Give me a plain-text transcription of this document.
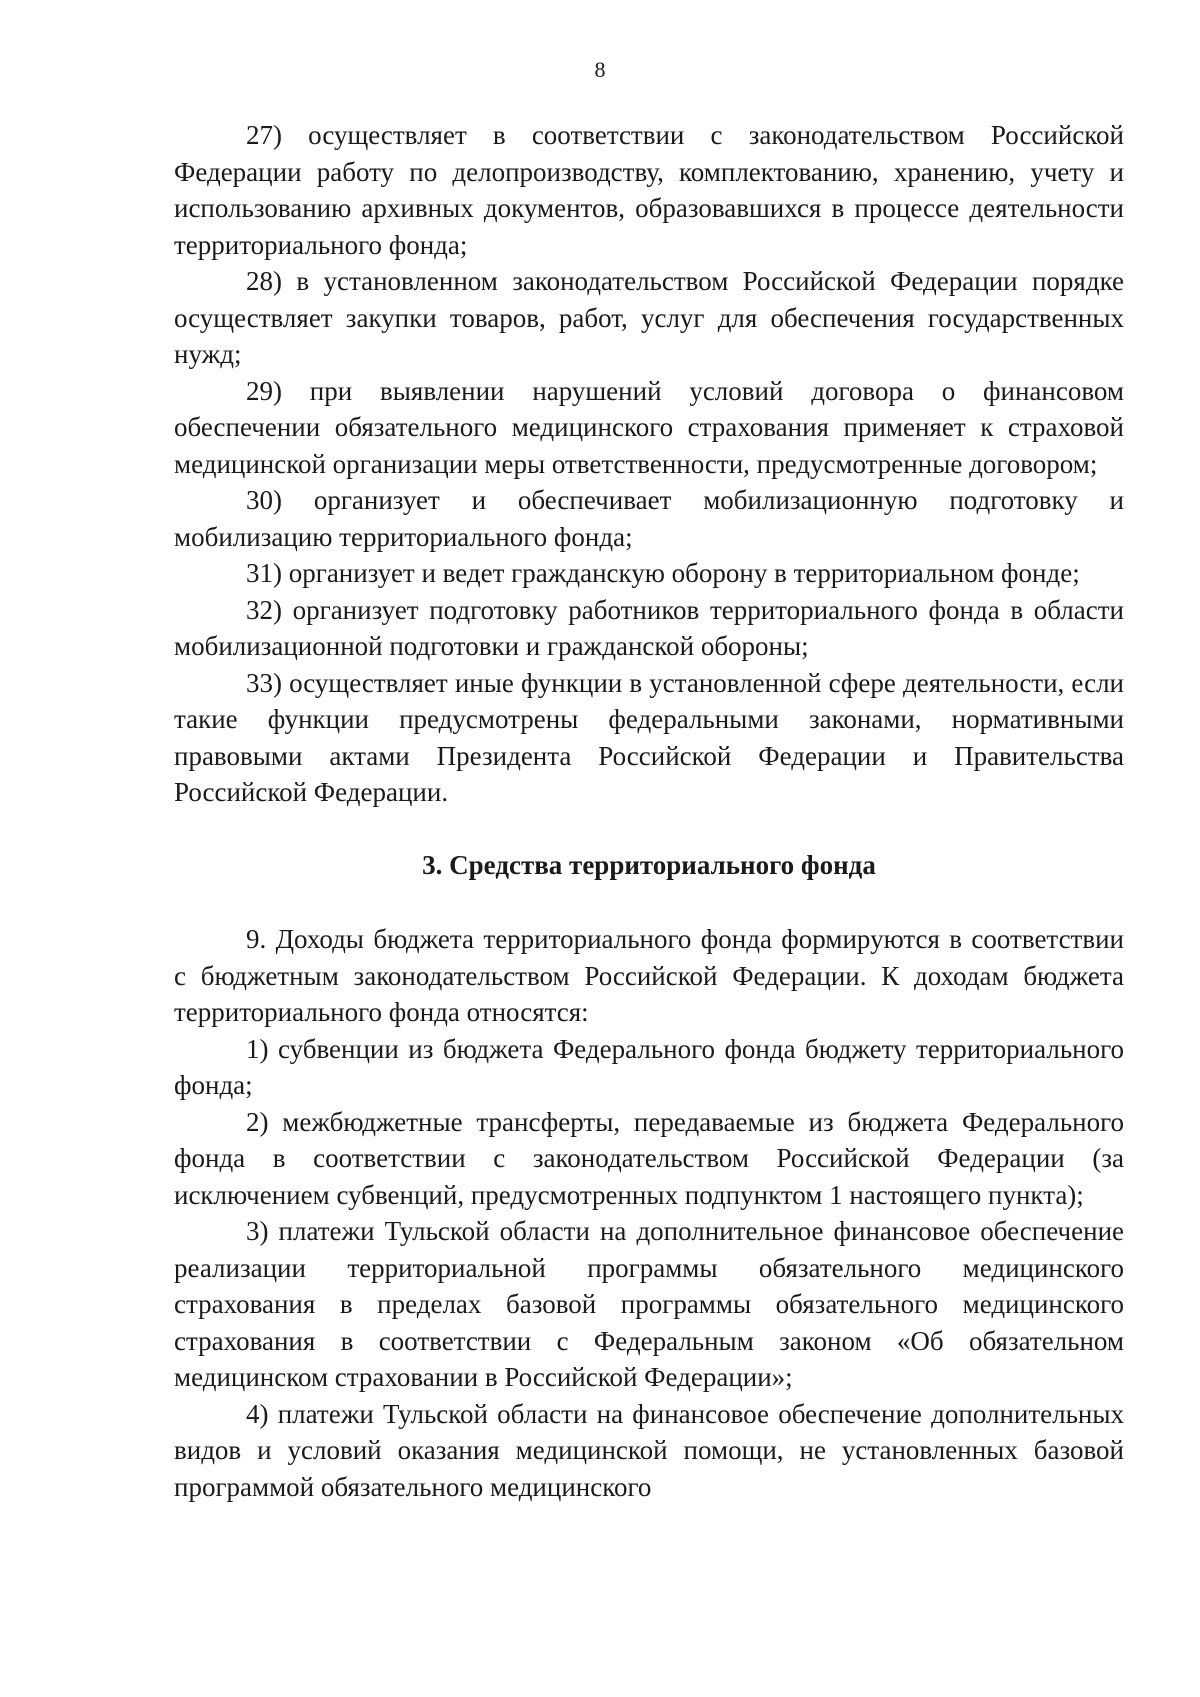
8

27) осуществляет в соответствии с законодательством Российской Федерации работу по делопроизводству, комплектованию, хранению, учету и использованию архивных документов, образовавшихся в процессе деятельности территориального фонда;

28) в установленном законодательством Российской Федерации порядке осуществляет закупки товаров, работ, услуг для обеспечения государственных нужд;

29) при выявлении нарушений условий договора о финансовом обеспечении обязательного медицинского страхования применяет к страховой медицинской организации меры ответственности, предусмотренные договором;

30) организует и обеспечивает мобилизационную подготовку и мобилизацию территориального фонда;

31) организует и ведет гражданскую оборону в территориальном фонде;

32) организует подготовку работников территориального фонда в области мобилизационной подготовки и гражданской обороны;

33) осуществляет иные функции в установленной сфере деятельности, если такие функции предусмотрены федеральными законами, нормативными правовыми актами Президента Российской Федерации и Правительства Российской Федерации.

3. Средства территориального фонда

9. Доходы бюджета территориального фонда формируются в соответствии с бюджетным законодательством Российской Федерации. К доходам бюджета территориального фонда относятся:

1) субвенции из бюджета Федерального фонда бюджету территориального фонда;

2) межбюджетные трансферты, передаваемые из бюджета Федерального фонда в соответствии с законодательством Российской Федерации (за исключением субвенций, предусмотренных подпунктом 1 настоящего пункта);

3) платежи Тульской области на дополнительное финансовое обеспечение реализации территориальной программы обязательного медицинского страхования в пределах базовой программы обязательного медицинского страхования в соответствии с Федеральным законом «Об обязательном медицинском страховании в Российской Федерации»;

4) платежи Тульской области на финансовое обеспечение дополнительных видов и условий оказания медицинской помощи, не установленных базовой программой обязательного медицинского
